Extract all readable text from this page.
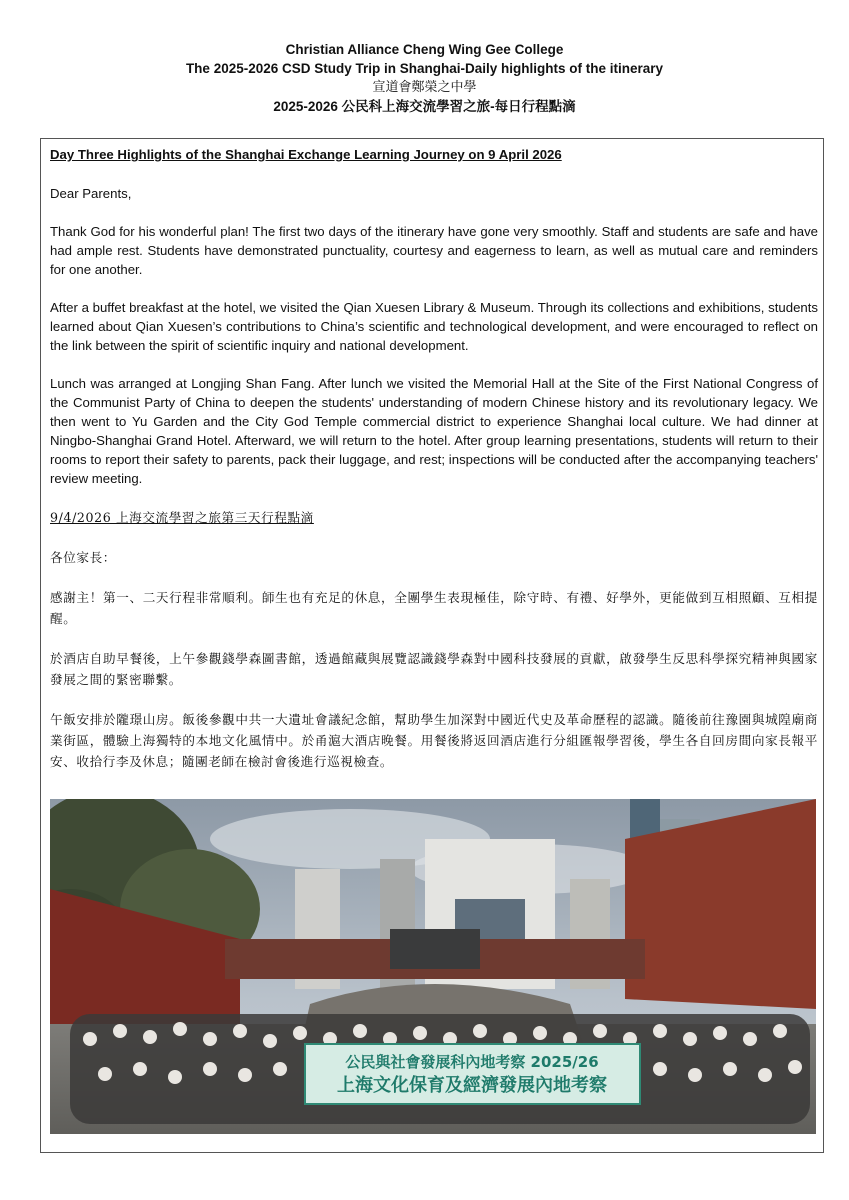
Christian Alliance Cheng Wing Gee College
The 2025-2026 CSD Study Trip in Shanghai-Daily highlights of the itinerary
宣道會鄭榮之中學
2025-2026 公民科上海交流學習之旅-每日行程點滴

Day Three Highlights of the Shanghai Exchange Learning Journey on 9 April 2026

Dear Parents,

Thank God for his wonderful plan! The first two days of the itinerary have gone very smoothly. Staff and students are safe and have had ample rest. Students have demonstrated punctuality, courtesy and eagerness to learn, as well as mutual care and reminders for one another.

After a buffet breakfast at the hotel, we visited the Qian Xuesen Library & Museum. Through its collections and exhibitions, students learned about Qian Xuesen’s contributions to China’s scientific and technological development, and were encouraged to reflect on the link between the spirit of scientific inquiry and national development.

Lunch was arranged at Longjing Shan Fang. After lunch we visited the Memorial Hall at the Site of the First National Congress of the Communist Party of China to deepen the students' understanding of modern Chinese history and its revolutionary legacy. We then went to Yu Garden and the City God Temple commercial district to experience Shanghai local culture. We had dinner at Ningbo-Shanghai Grand Hotel. Afterward, we will return to the hotel. After group learning presentations, students will return to their rooms to report their safety to parents, pack their luggage, and rest; inspections will be conducted after the accompanying teachers' review meeting.

9/4/2026 上海交流學習之旅第三天行程點滴

各位家長：

感謝主！第一、二天行程非常順利。師生也有充足的休息，全團學生表現極佳，除守時、有禮、好學外，更能做到互相照顧、互相提醒。

於酒店自助早餐後，上午參觀錢學森圖書館，透過館藏與展覽認識錢學森對中國科技發展的貢獻，啟發學生反思科學探究精神與國家發展之間的緊密聯繫。

午飯安排於隴璟山房。飯後參觀中共一大遺址會議紀念館，幫助學生加深對中國近代史及革命歷程的認識。隨後前往豫園與城隍廟商業街區，體驗上海獨特的本地文化風情中。於甬滬大酒店晚餐。用餐後將返回酒店進行分組匯報學習後，學生各自回房間向家長報平安、收拾行李及休息；隨團老師在檢討會後進行巡視檢查。

公民與社會發展科內地考察 2025/26
上海文化保育及經濟發展內地考察
